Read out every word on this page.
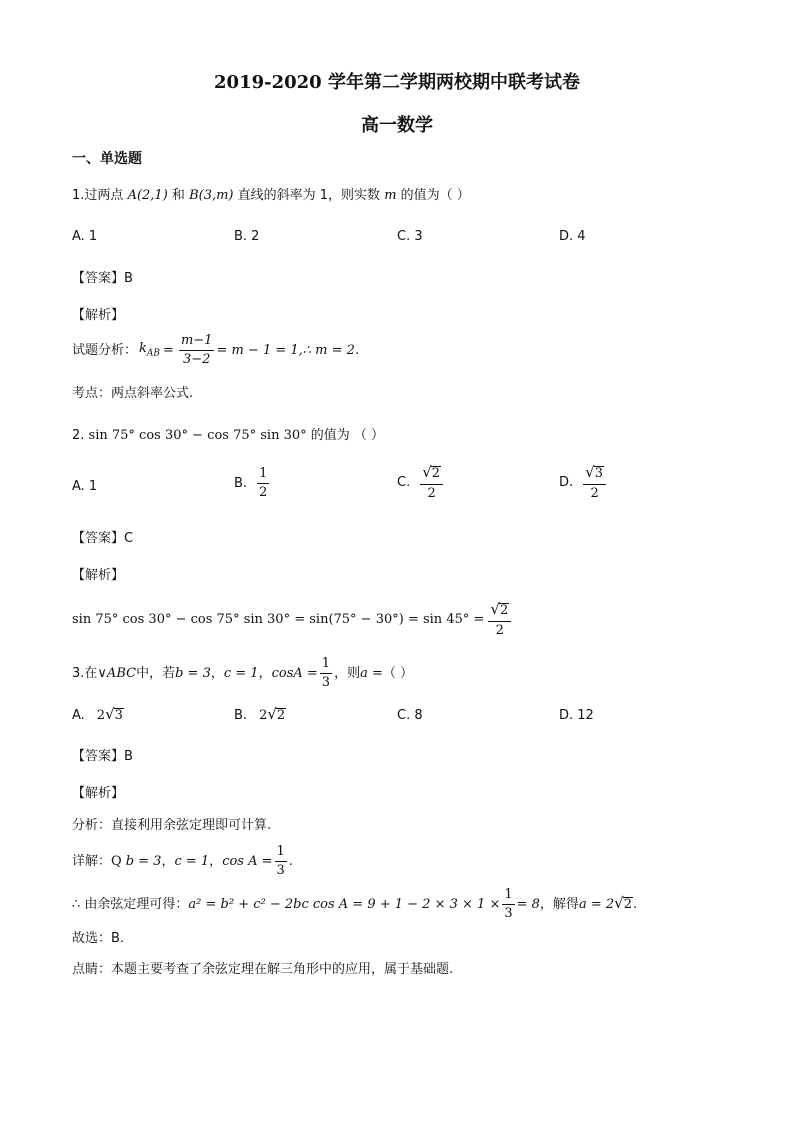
2019-2020 学年第二学期两校期中联考试卷
高一数学
一、单选题
1.过两点 A(2,1) 和 B(3,m) 直线的斜率为 1，则实数 m 的值为（ ）
A. 1	B. 2	C. 3	D. 4
【答案】B
【解析】
试题分析： $k_{AB} = \frac{m-1}{3-2} = m - 1$ = 1,∴ m = 2 .
考点：两点斜率公式.
2. sin 75° cos 30° − cos 75° sin 30° 的值为 （ ）
A. 1	B. $\frac{1}{2}$	C. $\frac{√ 2}{2}$	D. $\frac{√ 3}{2}$
【答案】C
【解析】
sin 75° cos 30° − cos 75° $\sin 30^\circ = \sin(75^\circ - 30^\circ) = \sin 45^\circ = \frac{√ 2}{2}$
3. 在 ∨ABC 中，若 b = 3 ， c = 1 ， $\cos A = \frac{1}{3}$ ，则 a = （ ）
A. 2 √ 3	B. 2 √ 2	C. 8	D. 12
【答案】B
【解析】
分析：直接利用余弦定理即可计算.
详解： Q b = 3 ， c = 1 ， $\cos A = \frac{1}{3}$ .
∴ 由余弦定理可得： a² = b² + c² − 2bc $\cos A = 9 + 1 - 2 \times 3 \times 1 \times \frac{1}{3} = 8$ ，解得 a = 2 √ 2 .
故选：B.
点睛：本题主要考查了余弦定理在解三角形中的应用，属于基础题.
